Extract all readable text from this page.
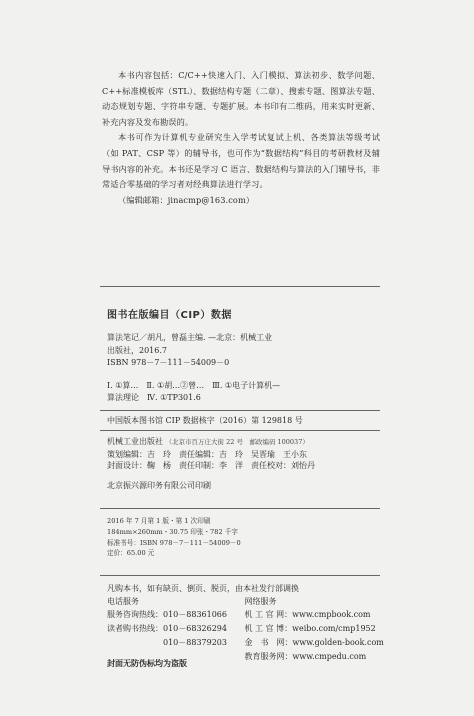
本书内容包括：C/C++快速入门、入门模拟、算法初步、数学问题、C++标准模板库（STL）、数据结构专题（二章）、搜索专题、图算法专题、动态规划专题、字符串专题、专题扩展。本书印有二维码，用来实时更新、补充内容及发布勘误的。

本书可作为计算机专业研究生入学考试复试上机、各类算法等级考试（如 PAT、CSP 等）的辅导书，也可作为“数据结构”科目的考研教材及辅导书内容的补充。本书还是学习 C 语言、数据结构与算法的入门辅导书，非常适合零基础的学习者对经典算法进行学习。

（编辑邮箱：jinacmp@163.com）

图书在版编目（CIP）数据
算法笔记／胡凡，曾磊主编. —北京：机械工业
出版社，2016.7
ISBN 978－7－111－54009－0
Ⅰ. ①算…　Ⅱ. ①胡…②曾…　Ⅲ. ①电子计算机—
算法理论　Ⅳ. ①TP301.6
中国版本图书馆 CIP 数据核字（2016）第 129818 号
机械工业出版社 （北京市百万庄大街 22 号　邮政编码 100037）
策划编辑：吉　玲　责任编辑：吉　玲　吴晋瑜　王小东
封面设计：鞠　杨　责任印制：李　洋　责任校对：刘怡丹
北京振兴源印务有限公司印刷
2016 年 7 月第 1 版・第 1 次印刷
184mm×260mm・30.75 印张・782 千字
标准书号：ISBN 978－7－111－54009－0
定价：65.00 元
凡购本书，如有缺页、倒页、脱页，由本社发行部调换
电话服务
服务咨询热线：010－88361066
读者购书热线：010－68326294
　　　　　　　010－88379203
网络服务
机 工 官 网：www.cmpbook.com
机 工 官 博：weibo.com/cmp1952
金　书　网：www.golden-book.com
教育服务网：www.cmpedu.com
封面无防伪标均为盗版
